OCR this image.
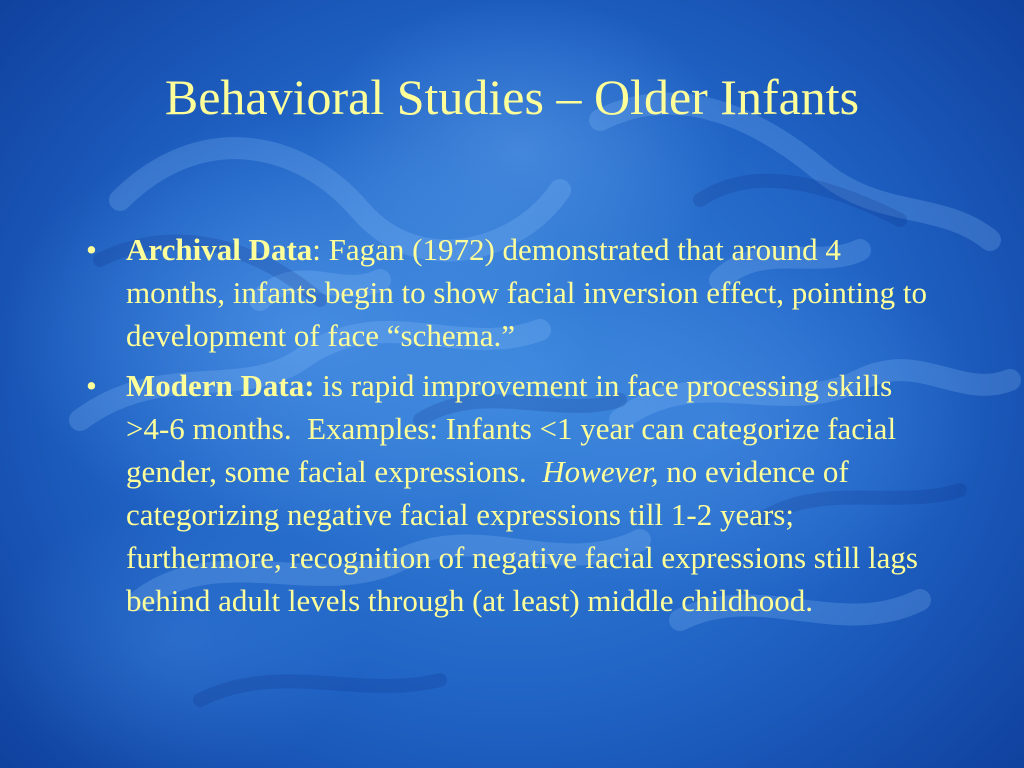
Behavioral Studies – Older Infants
• Archival Data: Fagan (1972) demonstrated that around 4 months, infants begin to show facial inversion effect, pointing to development of face “schema.”
• Modern Data: is rapid improvement in face processing skills >4-6 months.  Examples: Infants <1 year can categorize facial gender, some facial expressions.  However, no evidence of categorizing negative facial expressions till 1-2 years; furthermore, recognition of negative facial expressions still lags behind adult levels through (at least) middle childhood.
